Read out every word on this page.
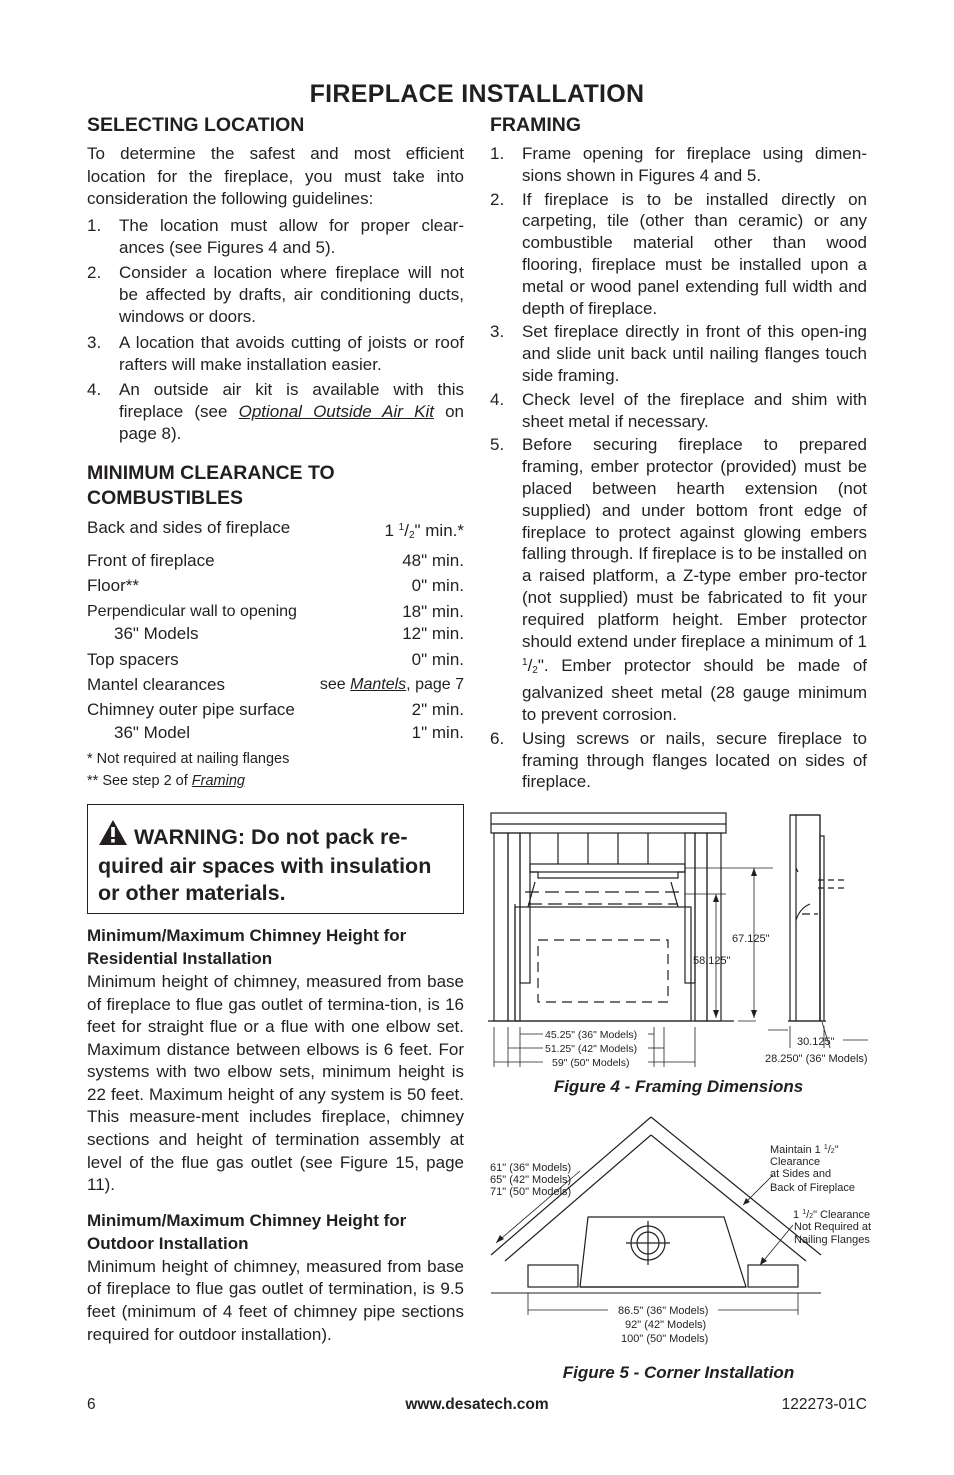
FIREPLACE INSTALLATION
SELECTING LOCATION

To determine the safest and most efficient location for the fireplace, you must take into consideration the following guidelines:

1. The location must allow for proper clear-ances (see Figures 4 and 5).
2. Consider a location where fireplace will not be affected by drafts, air conditioning ducts, windows or doors.
3. A location that avoids cutting of joists or roof rafters will make installation easier.
4. An outside air kit is available with this fireplace (see Optional Outside Air Kit on page 8).
MINIMUM CLEARANCE TO
COMBUSTIBLES
Back and sides of fireplace	1 $^1/_2$" min.*
Front of fireplace	48" min.
Floor**	0" min.
Perpendicular wall to opening	18" min.
36" Models	12" min.
Top spacers	0" min.
Mantel clearances	see Mantels, page 7
Chimney outer pipe surface	2" min.
36" Model	1" min.
* Not required at nailing flanges
** See step 2 of Framing
WARNING: Do not pack re-
quired air spaces with insulation
or other materials.
Minimum/Maximum Chimney Height for
Residential Installation

Minimum height of chimney, measured from base of fireplace to flue gas outlet of termina-tion, is 16 feet for straight flue or a flue with one elbow set. Maximum distance between elbows is 6 feet. For systems with two elbow sets, minimum height is 22 feet. Maximum height of any system is 50 feet. This measure-ment includes fireplace, chimney sections and height of termination assembly at level of the flue gas outlet (see Figure 15, page 11).

Minimum/Maximum Chimney Height for
Outdoor Installation

Minimum height of chimney, measured from base of fireplace to flue gas outlet of termination, is 9.5 feet (minimum of 4 feet of chimney pipe sections required for outdoor installation).

FRAMING
1. Frame opening for fireplace using dimen-sions shown in Figures 4 and 5.
2. If fireplace is to be installed directly on carpeting, tile (other than ceramic) or any combustible material other than wood flooring, fireplace must be installed upon a metal or wood panel extending full width and depth of fireplace.
3. Set fireplace directly in front of this open-ing and slide unit back until nailing flanges touch side framing.
4. Check level of the fireplace and shim with sheet metal if necessary.
5. Before securing fireplace to prepared framing, ember protector (provided) must be placed between hearth extension (not supplied) and under bottom front edge of fireplace to protect against glowing embers falling through. If fireplace is to be installed on a raised platform, a Z-type ember pro-tector (not supplied) must be fabricated to fit your required platform height. Ember protector should extend under fireplace a minimum of 1 $^1/_2$". Ember protector should be made of galvanized sheet metal (28 gauge minimum to prevent corrosion.
6. Using screws or nails, secure fireplace to framing through flanges located on sides of fireplace.
67.125"
58.125"
45.25" (36" Models)
51.25" (42" Models)
59" (50" Models)
30.125"
28.250" (36" Models)
Figure 4 - Framing Dimensions
61" (36" Models)
65" (42" Models)
71" (50" Models)
Maintain 1 $^1$/2"
Clearance
at Sides and
Back of Fireplace
1 $^1$/2" Clearance
Not Required at
Nailing Flanges
86.5" (36" Models)
92" (42" Models)
100" (50" Models)
Figure 5 - Corner Installation
6	www.desatech.com	122273-01C
